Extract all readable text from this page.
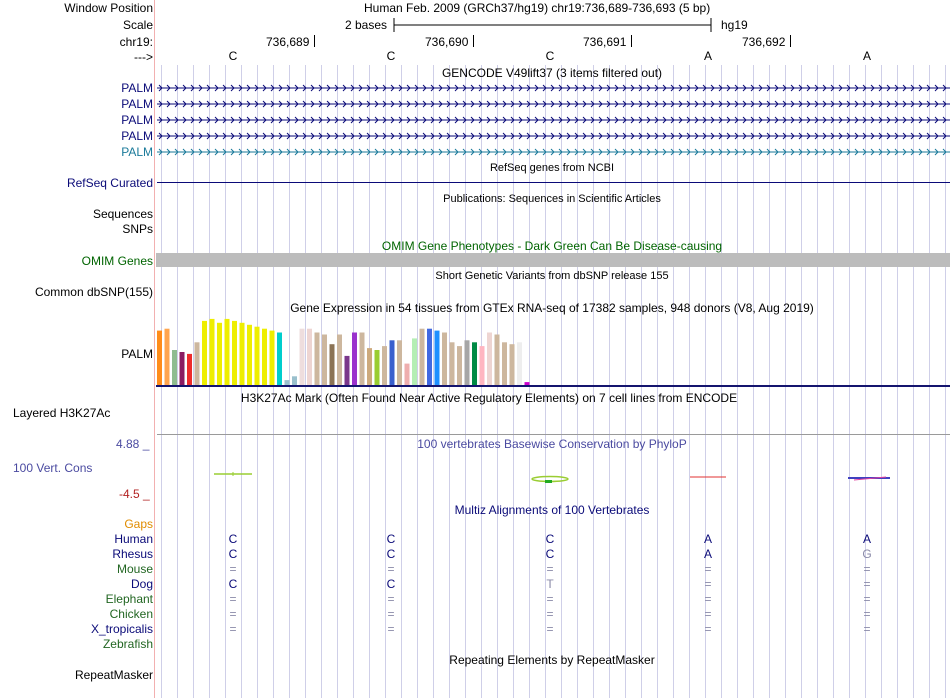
Window Position	Human Feb. 2009 (GRCh37/hg19) chr19:736,689-736,693 (5 bp)
Scale	2 bases	hg19
chr19:	736,689	736,690	736,691	736,692
--->	C	C	C	A	A
GENCODE V49lift37 (3 items filtered out)
PALM
PALM
PALM
PALM
PALM
RefSeq genes from NCBI
RefSeq Curated
Publications: Sequences in Scientific Articles
Sequences
SNPs
OMIM Gene Phenotypes - Dark Green Can Be Disease-causing
OMIM Genes
Short Genetic Variants from dbSNP release 155
Common dbSNP(155)
Gene Expression in 54 tissues from GTEx RNA-seq of 17382 samples, 948 donors (V8, Aug 2019)
PALM
H3K27Ac Mark (Often Found Near Active Regulatory Elements) on 7 cell lines from ENCODE
Layered H3K27Ac
100 vertebrates Basewise Conservation by PhyloP
4.88 _
100 Vert. Cons
-4.5 _
Multiz Alignments of 100 Vertebrates
Gaps
Human	C	C	C	A	A
Rhesus	C	C	C	A	G
Mouse	=	=	=	=	=
Dog	C	C	T	=	=
Elephant	=	=	=	=	=
Chicken	=	=	=	=	=
X_tropicalis	=	=	=	=	=
Zebrafish
Repeating Elements by RepeatMasker
RepeatMasker
